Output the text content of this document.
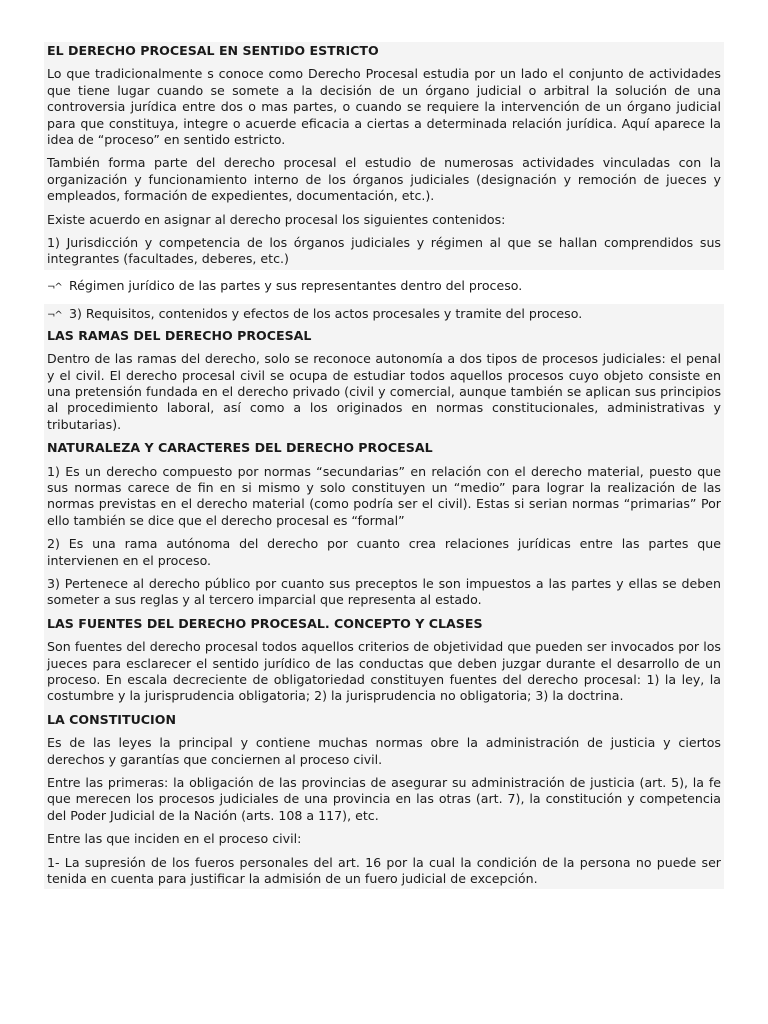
EL DERECHO PROCESAL EN SENTIDO ESTRICTO

Lo que tradicionalmente s conoce como Derecho Procesal estudia por un lado el conjunto de actividades que tiene lugar cuando se somete a la decisión de un órgano judicial o arbitral la solución de una controversia jurídica entre dos o mas partes, o cuando se requiere la intervención de un órgano judicial para que constituya, integre o acuerde eficacia a ciertas a determinada relación jurídica. Aquí aparece la idea de “proceso” en sentido estricto.

También forma parte del derecho procesal el estudio de numerosas actividades vinculadas con la organización y funcionamiento interno de los órganos judiciales (designación y remoción de jueces y empleados, formación de expedientes, documentación, etc.).

Existe acuerdo en asignar al derecho procesal los siguientes contenidos:

1) Jurisdicción y competencia de los órganos judiciales y régimen al que se hallan comprendidos sus integrantes (facultades, deberes, etc.)

¬^ Régimen jurídico de las partes y sus representantes dentro del proceso.
¬^ 3) Requisitos, contenidos y efectos de los actos procesales y tramite del proceso.

LAS RAMAS DEL DERECHO PROCESAL

Dentro de las ramas del derecho, solo se reconoce autonomía a dos tipos de procesos judiciales: el penal y el civil. El derecho procesal civil se ocupa de estudiar todos aquellos procesos cuyo objeto consiste en una pretensión fundada en el derecho privado (civil y comercial, aunque también se aplican sus principios al procedimiento laboral, así como a los originados en normas constitucionales, administrativas y tributarias).

NATURALEZA Y CARACTERES DEL DERECHO PROCESAL

1) Es un derecho compuesto por normas “secundarias” en relación con el derecho material, puesto que sus normas carece de fin en si mismo y solo constituyen un “medio” para lograr la realización de las normas previstas en el derecho material (como podría ser el civil). Estas si serian normas “primarias” Por ello también se dice que el derecho procesal es “formal”

2) Es una rama autónoma del derecho por cuanto crea relaciones jurídicas entre las partes que intervienen en el proceso.

3) Pertenece al derecho público por cuanto sus preceptos le son impuestos a las partes y ellas se deben someter a sus reglas y al tercero imparcial que representa al estado.

LAS FUENTES DEL DERECHO PROCESAL. CONCEPTO Y CLASES

Son fuentes del derecho procesal todos aquellos criterios de objetividad que pueden ser invocados por los jueces para esclarecer el sentido jurídico de las conductas que deben juzgar durante el desarrollo de un proceso. En escala decreciente de obligatoriedad constituyen fuentes del derecho procesal: 1) la ley, la costumbre y la jurisprudencia obligatoria; 2) la jurisprudencia no obligatoria; 3) la doctrina.

LA CONSTITUCION

Es de las leyes la principal y contiene muchas normas obre la administración de justicia y ciertos derechos y garantías que conciernen al proceso civil.

Entre las primeras: la obligación de las provincias de asegurar su administración de justicia (art. 5), la fe que merecen los procesos judiciales de una provincia en las otras (art. 7), la constitución y competencia del Poder Judicial de la Nación (arts. 108 a 117), etc.

Entre las que inciden en el proceso civil:

1- La supresión de los fueros personales del art. 16 por la cual la condición de la persona no puede ser tenida en cuenta para justificar la admisión de un fuero judicial de excepción.
